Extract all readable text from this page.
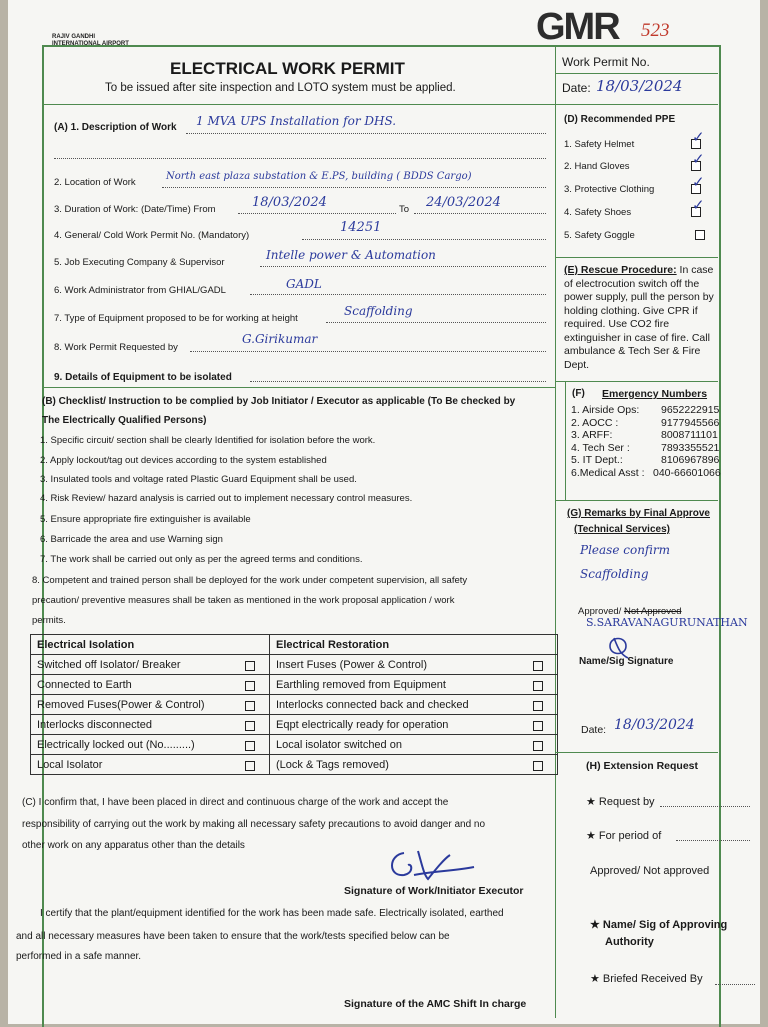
RAJIV GANDHI
INTERNATIONAL AIRPORT	GMR 523
ELECTRICAL WORK PERMIT
To be issued after site inspection and LOTO system must be applied.
Work Permit No.
Date: 18/03/2024
(A) 1. Description of Work 1 MVA UPS Installation for DHS.
2. Location of Work
North east plaza substation & E.PS, building ( BDDS Cargo)
3. Duration of Work: (Date/Time) From	18/03/2024	To 24/03/2024
4. General/ Cold Work Permit No. (Mandatory)
14251
5. Job Executing Company & Supervisor
Intelle power & Automation
6. Work Administrator from GHIAL/GADL	GADL
7. Type of Equipment proposed to be for working at height
Scaffolding
8. Work Permit Requested by
G.Girikumar
9. Details of Equipment to be isolated
(B) Checklist/ Instruction to be complied by Job Initiator / Executor as applicable (To Be checked by
The Electrically Qualified Persons)
1. Specific circuit/ section shall be clearly Identified for isolation before the work.
2. Apply lockout/tag out devices according to the system established
3. Insulated tools and voltage rated Plastic Guard Equipment shall be used.
4. Risk Review/ hazard analysis is carried out to implement necessary control measures.
5. Ensure appropriate fire extinguisher is available
6. Barricade the area and use Warning sign
7. The work shall be carried out only as per the agreed terms and conditions.
8. Competent and trained person shall be deployed for the work under competent supervision, all safety
precaution/ preventive measures shall be taken as mentioned in the work proposal application / work
permits.
Electrical Isolation	Electrical Restoration
Switched off Isolator/ Breaker	Insert Fuses (Power & Control)

Connected to Earth	Earthling removed from Equipment

Removed Fuses(Power & Control)	Interlocks connected back and checked

Interlocks disconnected	Eqpt electrically ready for operation

Electrically locked out (No.........)	Local isolator switched on

Local Isolator	(Lock & Tags removed)
(C) I confirm that, I have been placed in direct and continuous charge of the work and accept the
responsibility of carrying out the work by making all necessary safety precautions to avoid danger and no
other work on any apparatus other than the details
Signature of Work/Initiator Executor
I certify that the plant/equipment identified for the work has been made safe. Electrically isolated, earthed
and all necessary measures have been taken to ensure that the work/tests specified below can be
performed in a safe manner.
Signature of the AMC Shift In charge
(D) Recommended PPE
1. Safety Helmet	✓
2. Hand Gloves	✓
3. Protective Clothing	✓
4. Safety Shoes	✓
5. Safety Goggle
(E) Rescue Procedure: In case
of electrocution switch off the
power supply, pull the person by
holding clothing. Give CPR if
required. Use CO2 fire
extinguisher in case of fire. Call
ambulance & Tech Ser & Fire
Dept.
(F) Emergency Numbers
1. Airside Ops: 9652222915
2. AOCC :	9177945566
3. ARFF:	8008711101
4. Tech Ser :	7893355521
5. IT Dept.:	8106967896
6.Medical Asst : 040-66601066
(G) Remarks by Final Approve
(Technical Services)
Please confirm Scaffolding
Approved/ Not Approved
S.SARAVANAGURUNATHAN
Name/Sig Signature
Date: 18/03/2024
(H) Extension Request
★ Request by
★ For period of
Approved/ Not approved
★ Name/ Sig of Approving
Authority
★ Briefed Received By
